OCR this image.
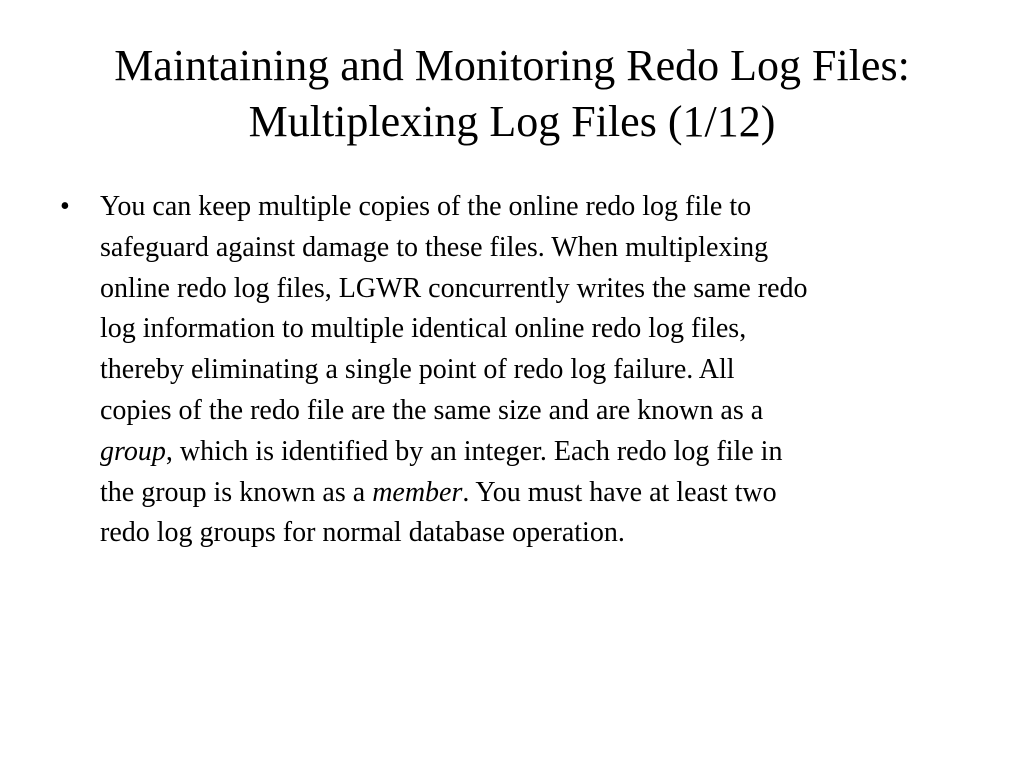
Maintaining and Monitoring Redo Log Files:
Multiplexing Log Files (1/12)
• You can keep multiple copies of the online redo log file to
safeguard against damage to these files. When multiplexing
online redo log files, LGWR concurrently writes the same redo
log information to multiple identical online redo log files,
thereby eliminating a single point of redo log failure. All
copies of the redo file are the same size and are known as a
group, which is identified by an integer. Each redo log file in
the group is known as a member. You must have at least two
redo log groups for normal database operation.
